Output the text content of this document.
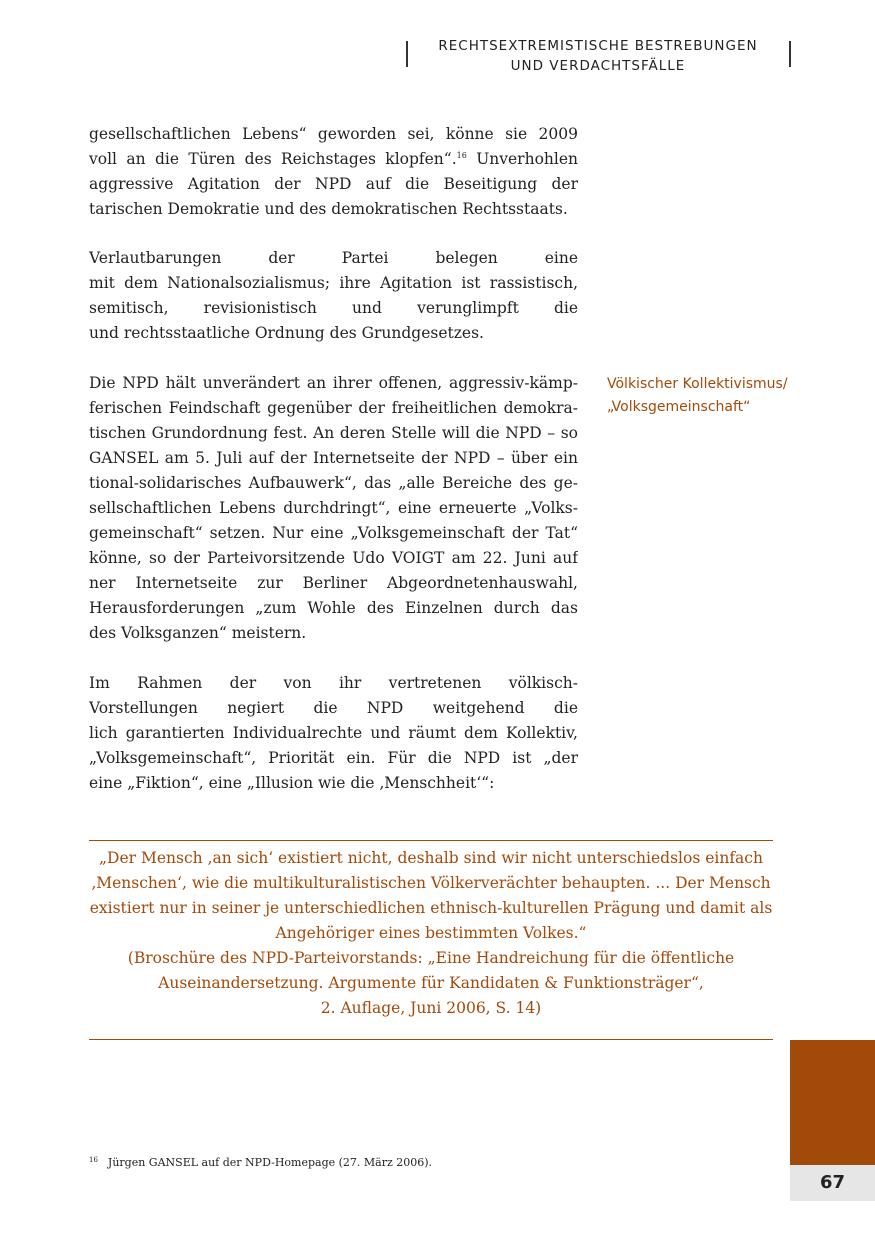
RECHTSEXTREMISTISCHE BESTREBUNGEN
UND VERDACHTSFÄLLE
gesellschaftlichen Lebens“ geworden sei, könne sie 2009
voll an die Türen des Reichstages klopfen“.$^{16}$ Unverhohlen
aggressive Agitation der NPD auf die Beseitigung der
tarischen Demokratie und des demokratischen Rechtsstaats.
Verlautbarungen der Partei belegen eine
mit dem Nationalsozialismus; ihre Agitation ist rassistisch,
semitisch, revisionistisch und verunglimpft die
und rechtsstaatliche Ordnung des Grundgesetzes.
Die NPD hält unverändert an ihrer offenen, aggressiv-kämp-
ferischen Feindschaft gegenüber der freiheitlichen demokra-
tischen Grundordnung fest. An deren Stelle will die NPD – so
GANSEL am 5. Juli auf der Internetseite der NPD – über ein
tional-solidarisches Aufbauwerk“, das „alle Bereiche des ge-
sellschaftlichen Lebens durchdringt“, eine erneuerte „Volks-
gemeinschaft“ setzen. Nur eine „Volksgemeinschaft der Tat“
könne, so der Parteivorsitzende Udo VOIGT am 22. Juni auf
ner Internetseite zur Berliner Abgeordnetenhauswahl,
Herausforderungen „zum Wohle des Einzelnen durch das
des Volksganzen“ meistern.
Völkischer Kollektivismus/
„Volksgemeinschaft“
Im Rahmen der von ihr vertretenen völkisch-
Vorstellungen negiert die NPD weitgehend die
lich garantierten Individualrechte und räumt dem Kollektiv,
„Volksgemeinschaft“, Priorität ein. Für die NPD ist „der
eine „Fiktion“, eine „Illusion wie die ‚Menschheit‘“:
„Der Mensch ‚an sich‘ existiert nicht, deshalb sind wir nicht unterschiedslos einfach
‚Menschen‘, wie die multikulturalistischen Völkerverächter behaupten. ... Der Mensch
existiert nur in seiner je unterschiedlichen ethnisch-kulturellen Prägung und damit als
Angehöriger eines bestimmten Volkes.“
(Broschüre des NPD-Parteivorstands: „Eine Handreichung für die öffentliche
Auseinandersetzung. Argumente für Kandidaten & Funktionsträger“,
2. Auflage, Juni 2006, S. 14)
$^{16}$ Jürgen GANSEL auf der NPD-Homepage (27. März 2006).
67
